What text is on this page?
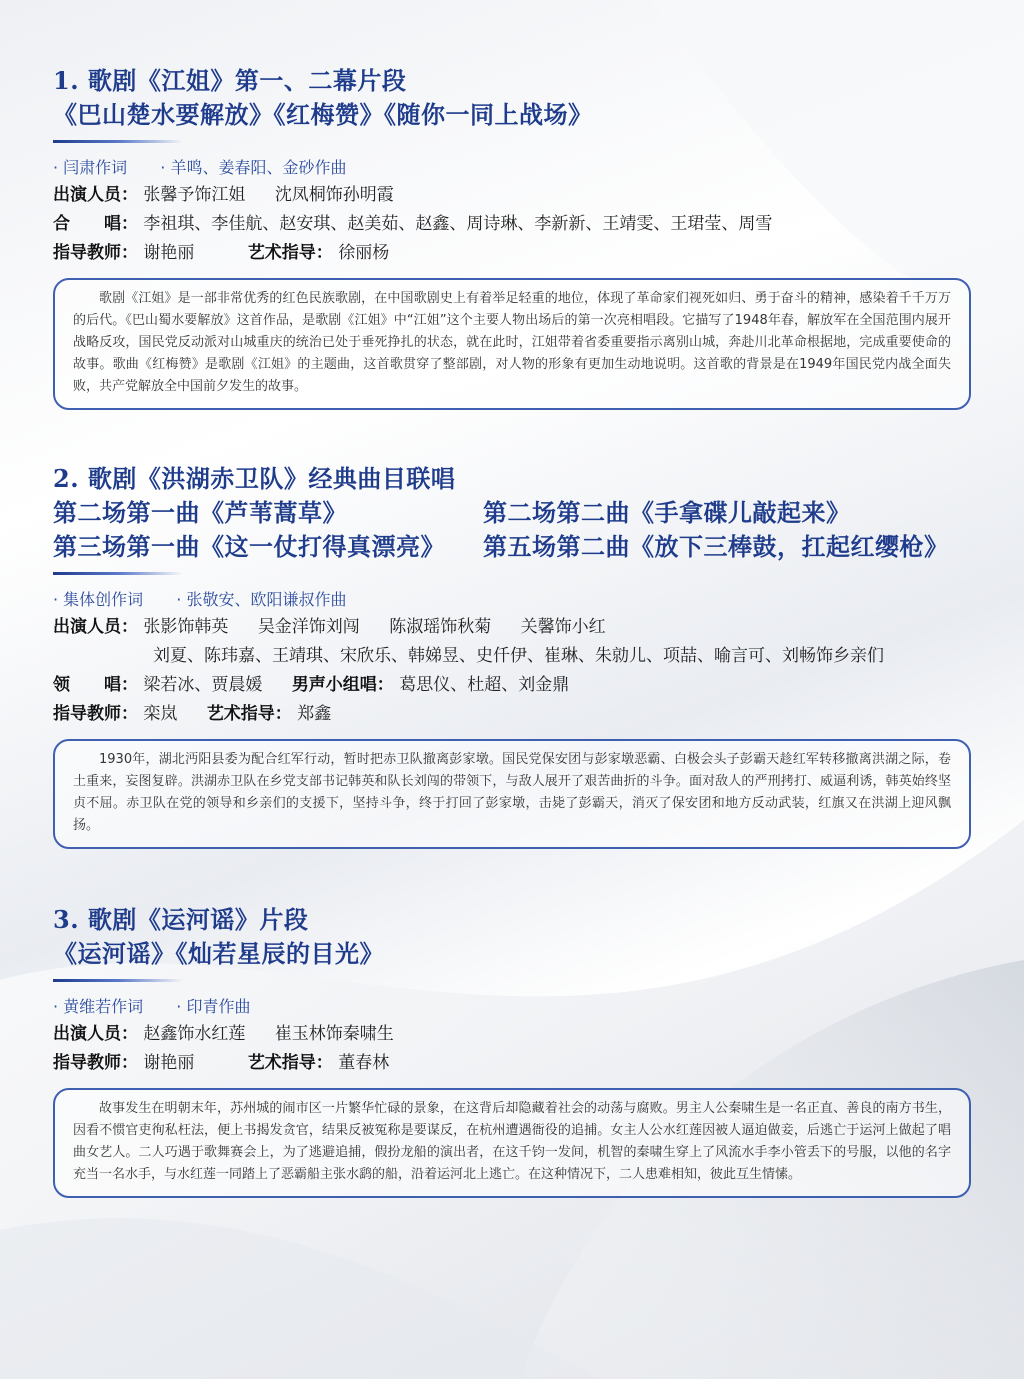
1. 歌剧《江姐》第一、二幕片段
《巴山楚水要解放》《红梅赞》《随你一同上战场》
· 闫肃作词 · 羊鸣、姜春阳、金砂作曲
出演人员： 张馨予饰江姐 沈凤桐饰孙明霞
合　　唱： 李祖琪、李佳航、赵安琪、赵美茹、赵鑫、周诗琳、李新新、王靖雯、王珺莹、周雪
指导教师： 谢艳丽	艺术指导： 徐丽杨
歌剧《江姐》是一部非常优秀的红色民族歌剧，在中国歌剧史上有着举足轻重的地位，体现了革命家们视死如归、勇于奋斗的精神，感染着千千万万的后代。《巴山蜀水要解放》这首作品，是歌剧《江姐》中“江姐”这个主要人物出场后的第一次亮相唱段。它描写了1948年春，解放军在全国范围内展开战略反攻，国民党反动派对山城重庆的统治已处于垂死挣扎的状态，就在此时，江姐带着省委重要指示离别山城，奔赴川北革命根据地，完成重要使命的故事。歌曲《红梅赞》是歌剧《江姐》的主题曲，这首歌贯穿了整部剧，对人物的形象有更加生动地说明。这首歌的背景是在1949年国民党内战全面失败，共产党解放全中国前夕发生的故事。
2. 歌剧《洪湖赤卫队》经典曲目联唱
第二场第一曲《芦苇蒿草》	第二场第二曲《手拿碟儿敲起来》
第三场第一曲《这一仗打得真漂亮》	第五场第二曲《放下三棒鼓，扛起红缨枪》
· 集体创作词 · 张敬安、欧阳谦叔作曲
出演人员： 张影饰韩英 吴金洋饰刘闯 陈淑瑶饰秋菊 关馨饰小红
刘夏、陈玮嘉、王靖琪、宋欣乐、韩娣昱、史仟伊、崔琳、朱勍儿、项喆、喻言可、刘畅饰乡亲们
领　　唱： 梁若冰、贾晨媛 男声小组唱： 葛思仪、杜超、刘金鼎
指导教师： 栾岚 艺术指导： 郑鑫
1930年，湖北沔阳县委为配合红军行动，暂时把赤卫队撤离彭家墩。国民党保安团与彭家墩恶霸、白极会头子彭霸天趁红军转移撤离洪湖之际，卷土重来，妄图复辟。洪湖赤卫队在乡党支部书记韩英和队长刘闯的带领下，与敌人展开了艰苦曲折的斗争。面对敌人的严刑拷打、威逼利诱，韩英始终坚贞不屈。赤卫队在党的领导和乡亲们的支援下，坚持斗争，终于打回了彭家墩，击毙了彭霸天，消灭了保安团和地方反动武装，红旗又在洪湖上迎风飘扬。
3. 歌剧《运河谣》片段
《运河谣》《灿若星辰的目光》
· 黄维若作词 · 印青作曲
出演人员： 赵鑫饰水红莲 崔玉林饰秦啸生
指导教师： 谢艳丽	艺术指导： 董春林
故事发生在明朝末年，苏州城的闹市区一片繁华忙碌的景象，在这背后却隐藏着社会的动荡与腐败。男主人公秦啸生是一名正直、善良的南方书生，因看不惯官吏徇私枉法，便上书揭发贪官，结果反被冤称是要谋反，在杭州遭遇衙役的追捕。女主人公水红莲因被人逼迫做妾，后逃亡于运河上做起了唱曲女艺人。二人巧遇于歌舞赛会上，为了逃避追捕，假扮龙船的演出者，在这千钧一发间，机智的秦啸生穿上了风流水手李小管丢下的号服，以他的名字充当一名水手，与水红莲一同踏上了恶霸船主张水鹞的船，沿着运河北上逃亡。在这种情况下，二人患难相知，彼此互生情愫。
